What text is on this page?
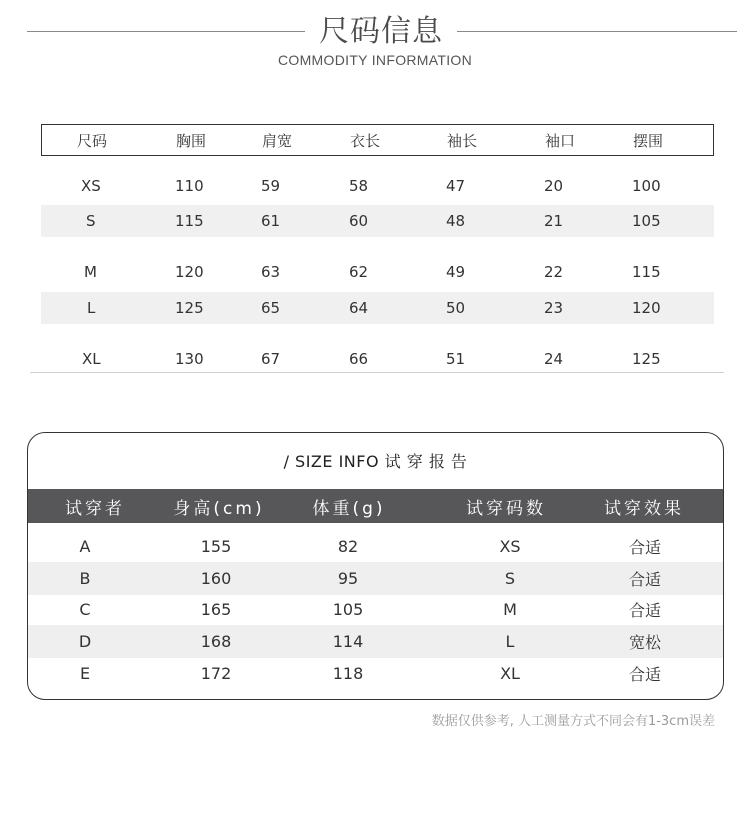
尺码信息
COMMODITY INFORMATION
尺码	胸围	肩宽	衣长	袖长	袖口	摆围
XS	110	59	58	47	20	100
S	115	61	60	48	21	105
M	120	63	62	49	22	115
L	125	65	64	50	23	120
XL	130	67	66	51	24	125
/ SIZE INFO 试 穿 报 告
试穿者	身高(cm)	体重(g)	试穿码数	试穿效果
A	155	82	XS	合适
B	160	95	S	合适
C	165	105	M	合适
D	168	114	L	宽松
E	172	118	XL	合适
数据仅供参考, 人工测量方式不同会有1-3cm误差
